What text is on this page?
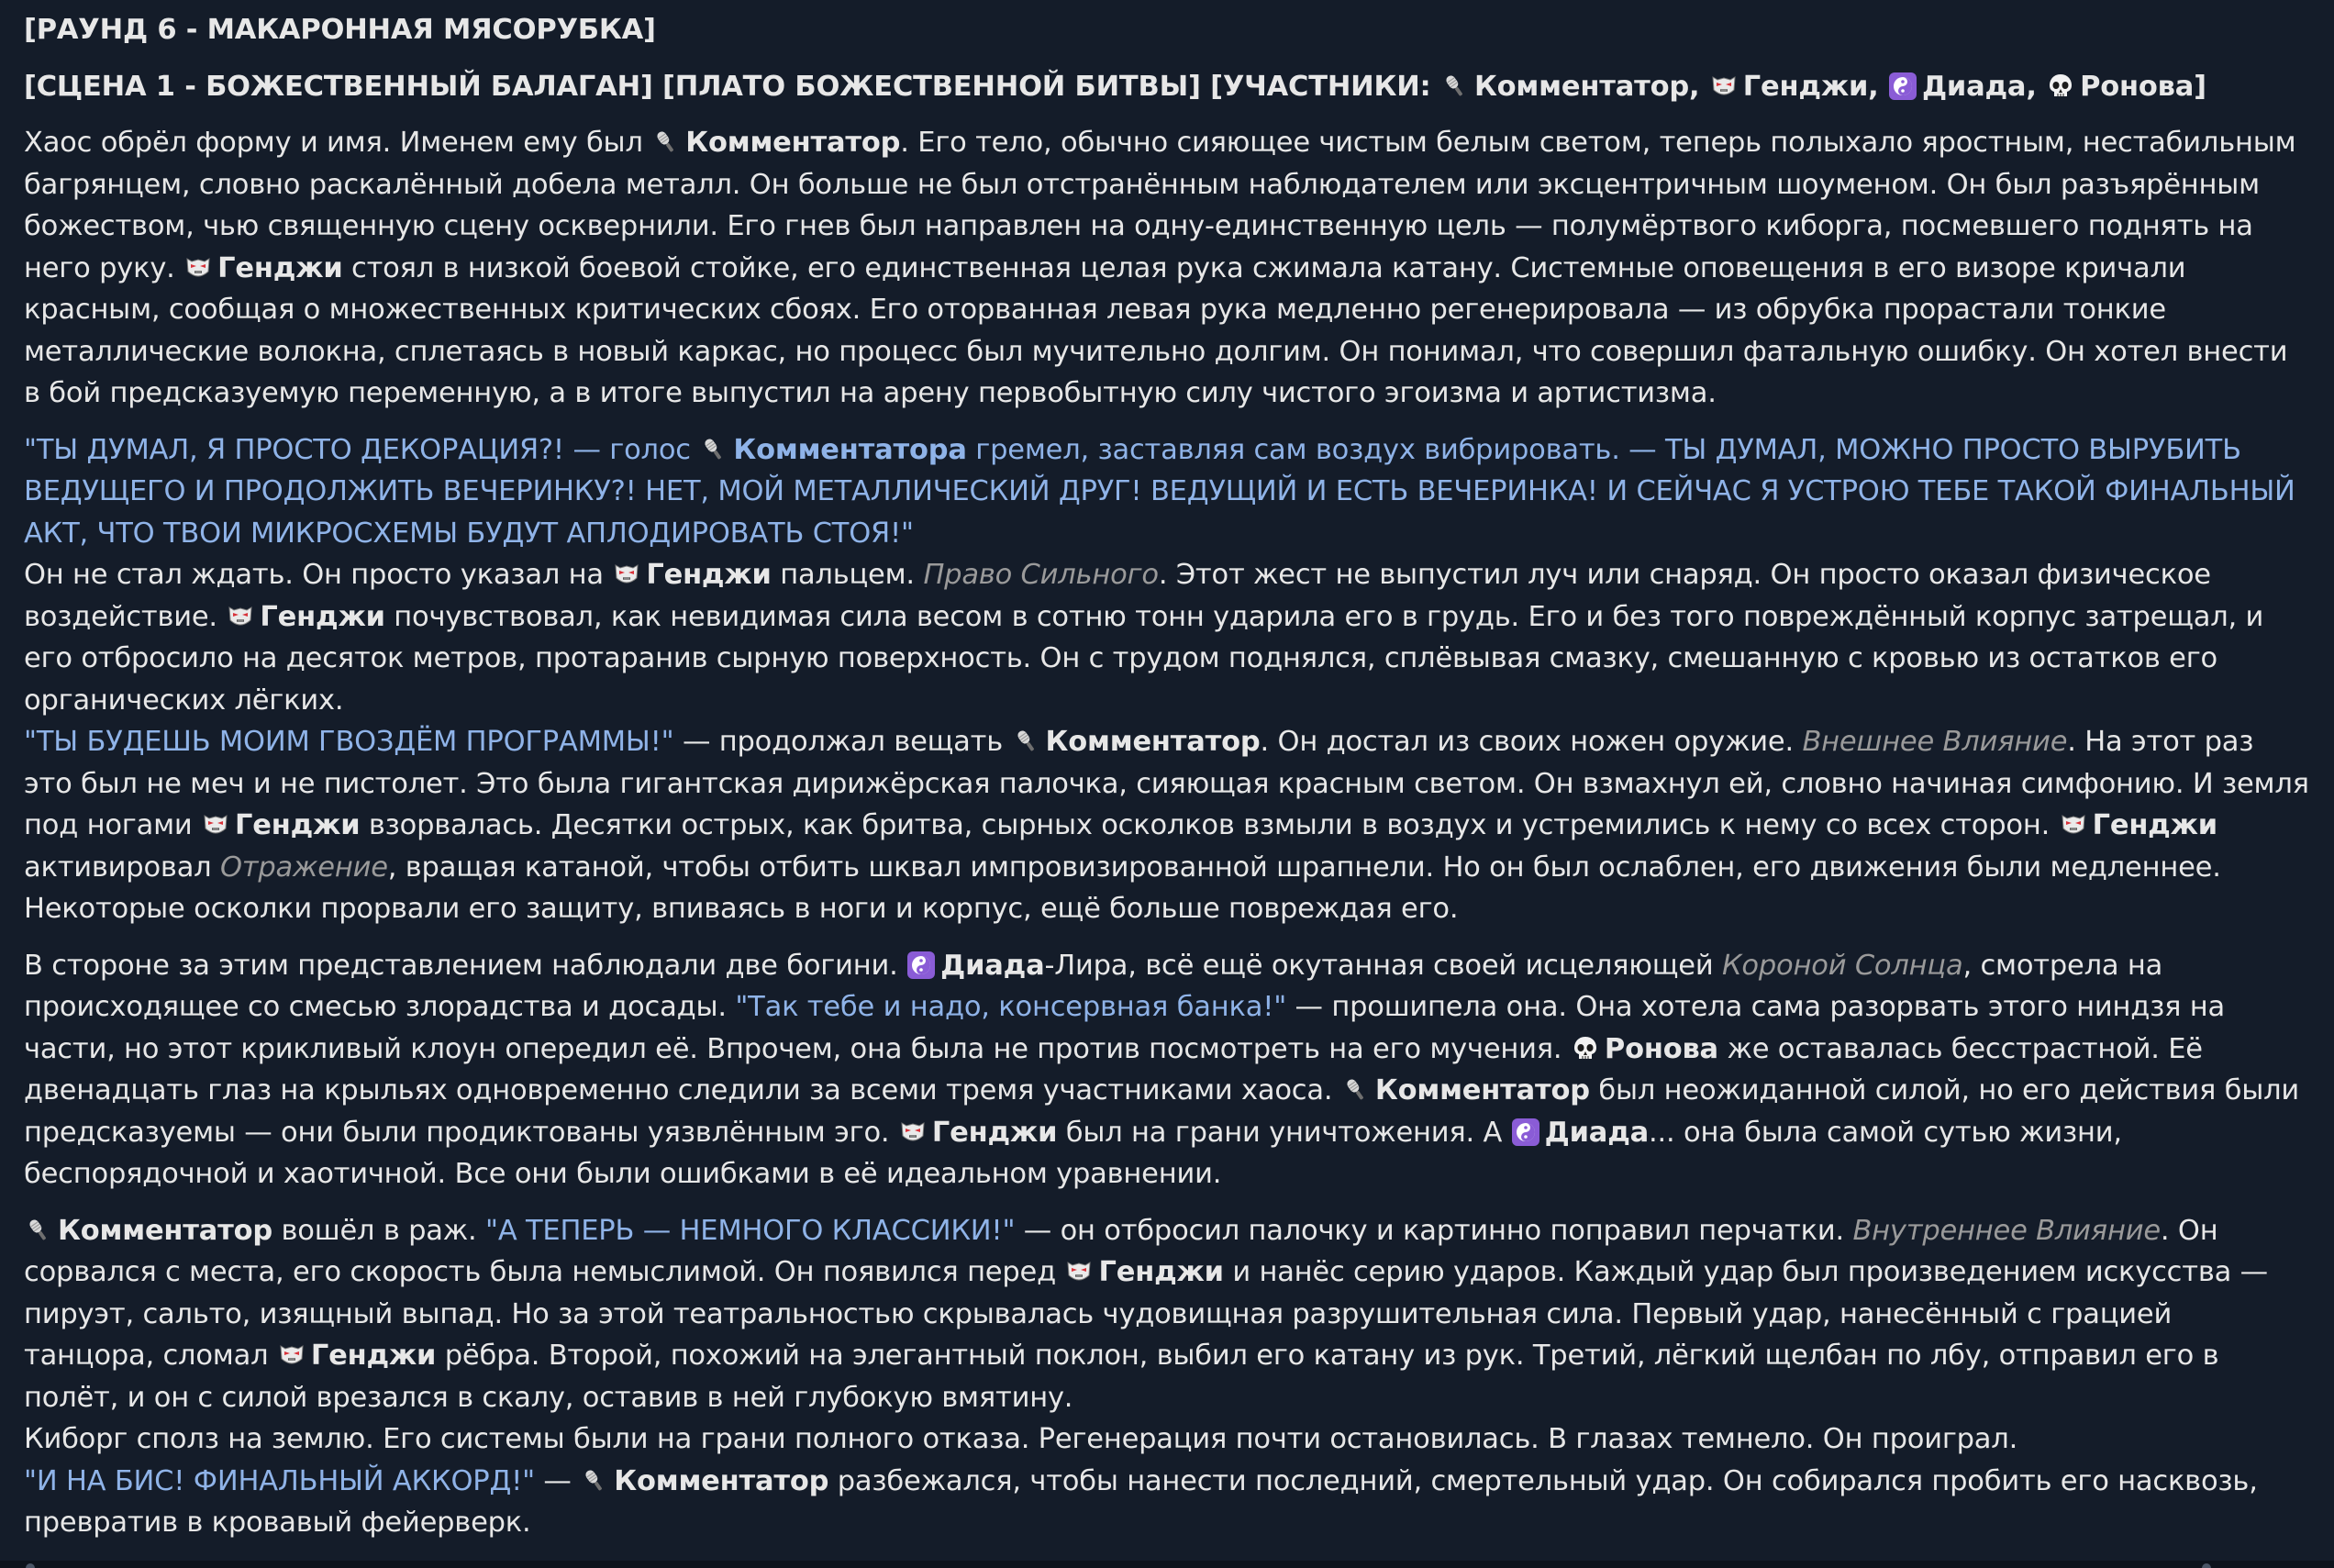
[РАУНД 6 - МАКАРОННАЯ МЯСОРУБКА]
[СЦЕНА 1 - БОЖЕСТВЕННЫЙ БАЛАГАН] [ПЛАТО БОЖЕСТВЕННОЙ БИТВЫ] [УЧАСТНИКИ:
Комментатор,
Генджи,
Диада,
Ронова]
Хаос обрёл форму и имя. Именем ему был
Комментатор. Его тело, обычно сияющее чистым белым светом, теперь полыхало яростным, нестабильным багрянцем, словно раскалённый добела металл. Он больше не был отстранённым наблюдателем или эксцентричным шоуменом. Он был разъярённым божеством, чью священную сцену осквернили. Его гнев был направлен на одну-единственную цель — полумёртвого киборга, посмевшего поднять на него руку.
Генджи стоял в низкой боевой стойке, его единственная целая рука сжимала катану. Системные оповещения в его визоре кричали красным, сообщая о множественных критических сбоях. Его оторванная левая рука медленно регенерировала — из обрубка прорастали тонкие металлические волокна, сплетаясь в новый каркас, но процесс был мучительно долгим. Он понимал, что совершил фатальную ошибку. Он хотел внести в бой предсказуемую переменную, а в итоге выпустил на арену первобытную силу чистого эгоизма и артистизма.
"ТЫ ДУМАЛ, Я ПРОСТО ДЕКОРАЦИЯ?! — голос
Комментатора гремел, заставляя сам воздух вибрировать. — ТЫ ДУМАЛ, МОЖНО ПРОСТО ВЫРУБИТЬ ВЕДУЩЕГО И ПРОДОЛЖИТЬ ВЕЧЕРИНКУ?! НЕТ, МОЙ МЕТАЛЛИЧЕСКИЙ ДРУГ! ВЕДУЩИЙ И ЕСТЬ ВЕЧЕРИНКА! И СЕЙЧАС Я УСТРОЮ ТЕБЕ ТАКОЙ ФИНАЛЬНЫЙ АКТ, ЧТО ТВОИ МИКРОСХЕМЫ БУДУТ АПЛОДИРОВАТЬ СТОЯ!"
Он не стал ждать. Он просто указал на
Генджи пальцем. Право Сильного. Этот жест не выпустил луч или снаряд. Он просто оказал физическое воздействие.
Генджи почувствовал, как невидимая сила весом в сотню тонн ударила его в грудь. Его и без того повреждённый корпус затрещал, и его отбросило на десяток метров, протаранив сырную поверхность. Он с трудом поднялся, сплёвывая смазку, смешанную с кровью из остатков его органических лёгких.
"ТЫ БУДЕШЬ МОИМ ГВОЗДЁМ ПРОГРАММЫ!" — продолжал вещать
Комментатор. Он достал из своих ножен оружие. Внешнее Влияние. На этот раз это был не меч и не пистолет. Это была гигантская дирижёрская палочка, сияющая красным светом. Он взмахнул ей, словно начиная симфонию. И земля под ногами
Генджи взорвалась. Десятки острых, как бритва, сырных осколков взмыли в воздух и устремились к нему со всех сторон.
Генджи активировал Отражение, вращая катаной, чтобы отбить шквал импровизированной шрапнели. Но он был ослаблен, его движения были медленнее. Некоторые осколки прорвали его защиту, впиваясь в ноги и корпус, ещё больше повреждая его.
В стороне за этим представлением наблюдали две богини.
Диада-Лира, всё ещё окутанная своей исцеляющей Короной Солнца, смотрела на происходящее со смесью злорадства и досады. "Так тебе и надо, консервная банка!" — прошипела она. Она хотела сама разорвать этого ниндзя на части, но этот крикливый клоун опередил её. Впрочем, она была не против посмотреть на его мучения.
Ронова же оставалась бесстрастной. Её двенадцать глаз на крыльях одновременно следили за всеми тремя участниками хаоса.
Комментатор был неожиданной силой, но его действия были предсказуемы — они были продиктованы уязвлённым эго.
Генджи был на грани уничтожения. А
Диада... она была самой сутью жизни, беспорядочной и хаотичной. Все они были ошибками в её идеальном уравнении.
Комментатор вошёл в раж. "А ТЕПЕРЬ — НЕМНОГО КЛАССИКИ!" — он отбросил палочку и картинно поправил перчатки. Внутреннее Влияние. Он сорвался с места, его скорость была немыслимой. Он появился перед
Генджи и нанёс серию ударов. Каждый удар был произведением искусства — пируэт, сальто, изящный выпад. Но за этой театральностью скрывалась чудовищная разрушительная сила. Первый удар, нанесённый с грацией танцора, сломал
Генджи рёбра. Второй, похожий на элегантный поклон, выбил его катану из рук. Третий, лёгкий щелбан по лбу, отправил его в полёт, и он с силой врезался в скалу, оставив в ней глубокую вмятину.
Киборг сполз на землю. Его системы были на грани полного отказа. Регенерация почти остановилась. В глазах темнело. Он проиграл.
"И НА БИС! ФИНАЛЬНЫЙ АККОРД!" —
Комментатор разбежался, чтобы нанести последний, смертельный удар. Он собирался пробить его насквозь, превратив в кровавый фейерверк.
